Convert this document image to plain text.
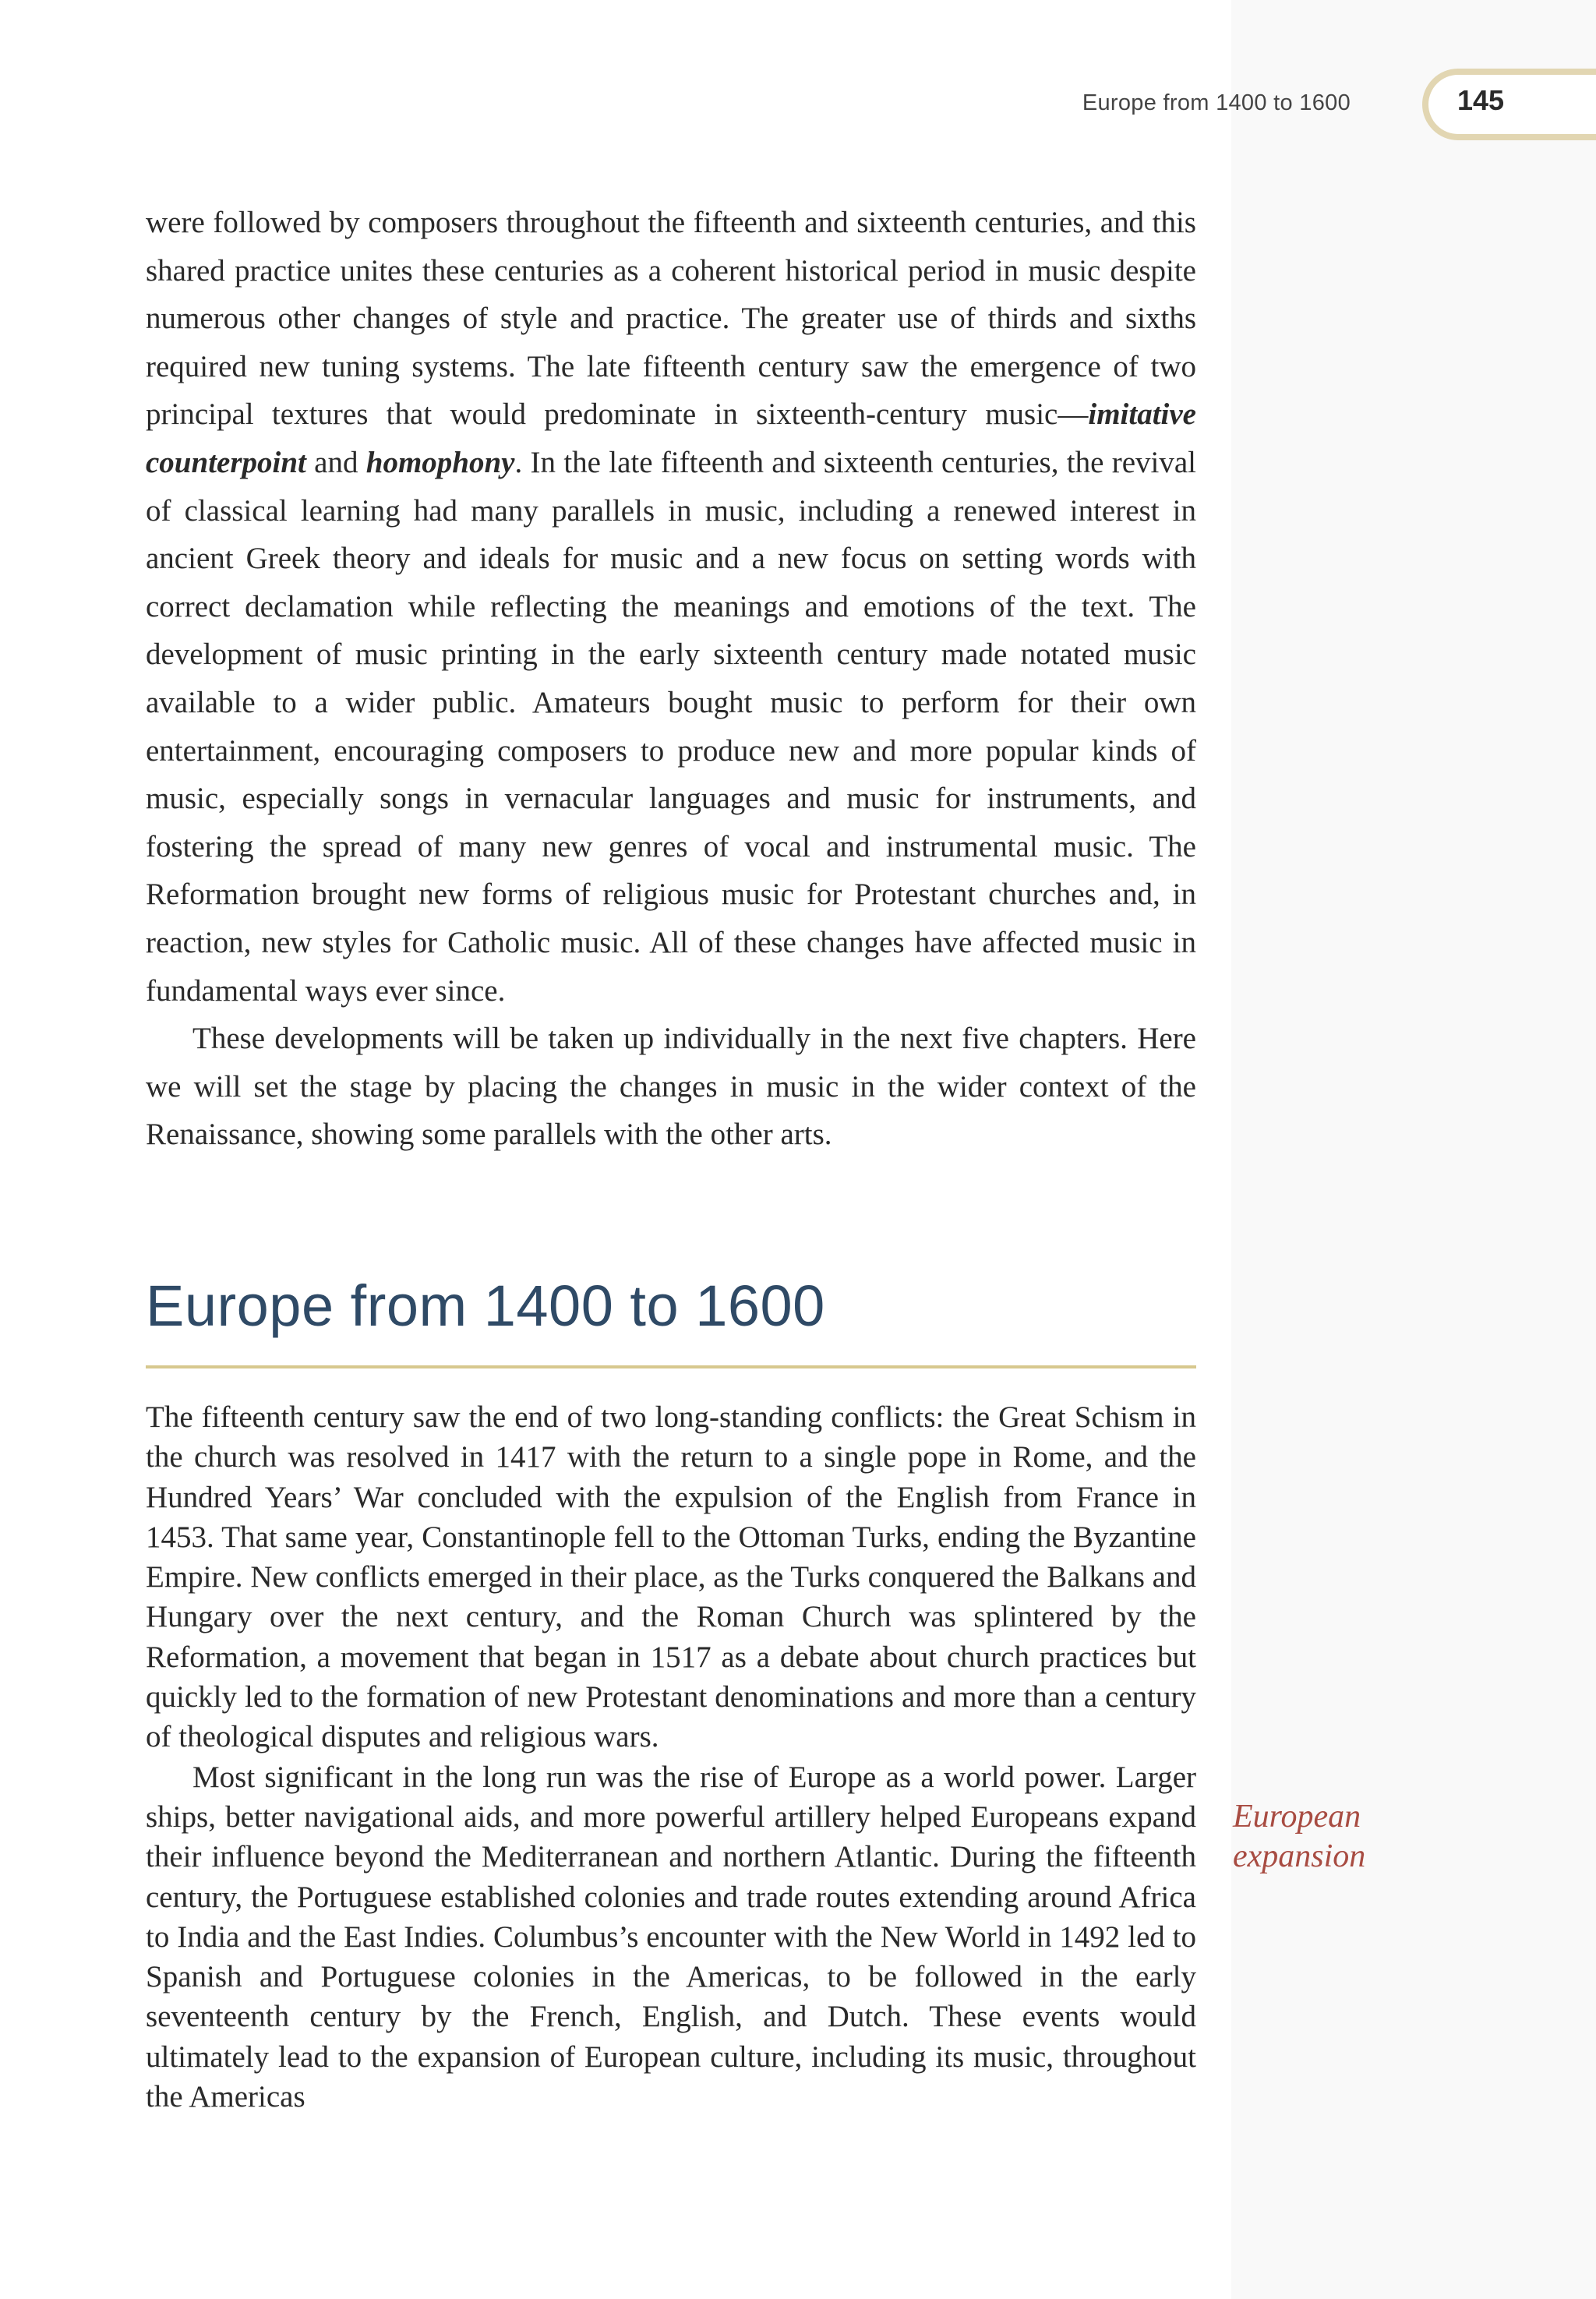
Europe from 1400 to 1600	145

were followed by composers throughout the fifteenth and sixteenth centuries, and this shared practice unites these centuries as a coherent historical period in music despite numerous other changes of style and practice. The greater use of thirds and sixths required new tuning systems. The late fifteenth century saw the emergence of two principal textures that would predominate in sixteenth-century music—imitative counterpoint and homophony. In the late fifteenth and sixteenth centuries, the revival of classical learning had many parallels in music, including a renewed interest in ancient Greek theory and ideals for music and a new focus on setting words with correct declamation while reflecting the meanings and emotions of the text. The development of music printing in the early sixteenth century made notated music available to a wider public. Amateurs bought music to perform for their own entertainment, encouraging composers to produce new and more popular kinds of music, especially songs in vernacular languages and music for instruments, and fostering the spread of many new genres of vocal and instrumental music. The Reformation brought new forms of religious music for Protestant churches and, in reaction, new styles for Catholic music. All of these changes have affected music in fundamental ways ever since.

These developments will be taken up individually in the next five chapters. Here we will set the stage by placing the changes in music in the wider context of the Renaissance, showing some parallels with the other arts.

Europe from 1400 to 1600

The fifteenth century saw the end of two long-standing conflicts: the Great Schism in the church was resolved in 1417 with the return to a single pope in Rome, and the Hundred Years’ War concluded with the expulsion of the English from France in 1453. That same year, Constantinople fell to the Ottoman Turks, ending the Byzantine Empire. New conflicts emerged in their place, as the Turks conquered the Balkans and Hungary over the next century, and the Roman Church was splintered by the Reformation, a movement that began in 1517 as a debate about church practices but quickly led to the formation of new Protestant denominations and more than a century of theological disputes and religious wars.

Most significant in the long run was the rise of Europe as a world power. Larger ships, better navigational aids, and more powerful artillery helped Europeans expand their influence beyond the Mediterranean and northern Atlantic. During the fifteenth century, the Portuguese established colonies and trade routes extending around Africa to India and the East Indies. Columbus’s encounter with the New World in 1492 led to Spanish and Portuguese colonies in the Americas, to be followed in the early seventeenth century by the French, English, and Dutch. These events would ultimately lead to the expansion of European culture, including its music, throughout the Americas

European
expansion
